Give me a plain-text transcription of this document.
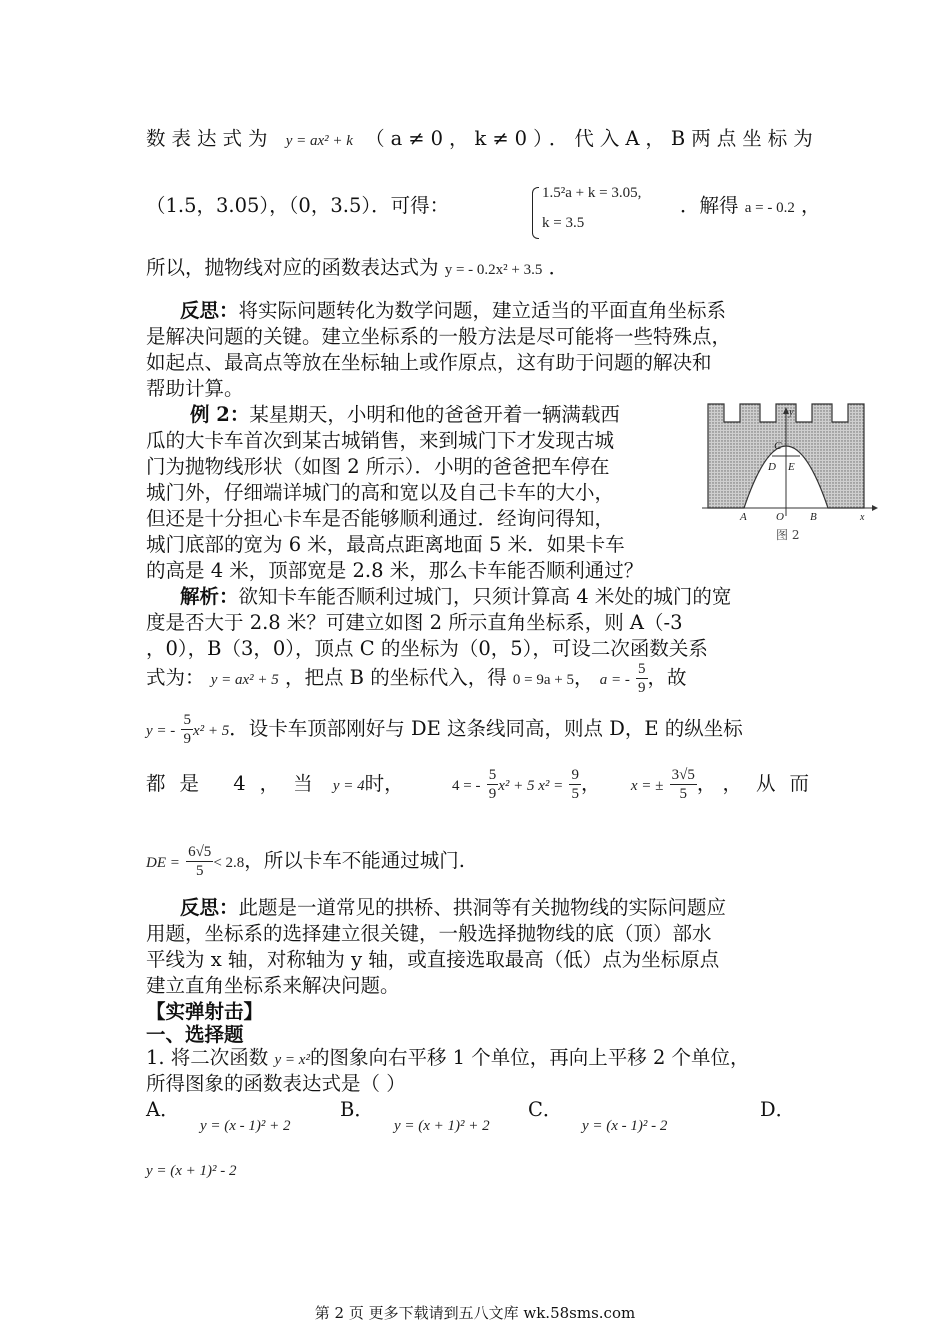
数表达式为 y = ax² + k （a≠0，k≠0）．代入A，B两点坐标为
（1.5，3.05），（0，3.5）．可得：
1.5²a + k = 3.05,
k = 3.5
．解得 a = - 0.2 ，
所以，抛物线对应的函数表达式为 y = - 0.2x² + 3.5 ．
反思：将实际问题转化为数学问题，建立适当的平面直角坐标系
是解决问题的关键。建立坐标系的一般方法是尽可能将一些特殊点，
如起点、最高点等放在坐标轴上或作原点，这有助于问题的解决和
帮助计算。
例 2：某星期天，小明和他的爸爸开着一辆满载西
瓜的大卡车首次到某古城销售，来到城门下才发现古城
门为抛物线形状（如图 2 所示）．小明的爸爸把车停在
城门外，仔细端详城门的高和宽以及自己卡车的大小，
但还是十分担心卡车是否能够顺利通过．经询问得知，
城门底部的宽为 6 米，最高点距离地面 5 米．如果卡车
的高是 4 米，顶部宽是 2.8 米，那么卡车能否顺利通过？
C
y
D E
A	O B	x
图 2
解析：欲知卡车能否顺利过城门，只须计算高 4 米处的城门的宽
度是否大于 2.8 米？可建立如图 2 所示直角坐标系，则 A（-3
，0），B（3，0），顶点 C 的坐标为（0，5），可设二次函数关系
式为： y = ax² + 5 ，把点 B 的坐标代入，得 0 = 9a + 5， a = - $\frac{5}{9}$ ，故
y = - $\frac{5}{9} x^2 + 5$．设卡车顶部刚好与 DE 这条线同高，则点 D，E 的纵坐标
都是 4，当 y = 4时，	4 = - $\frac{5}{9} x^2 + 5$ $x^2 = \frac{9}{5}$ ， x = ± $\frac{3√5}{5}$ ， ，从而
DE = $\frac{6√5}{5} < 2.8$，所以卡车不能通过城门.
反思：此题是一道常见的拱桥、拱洞等有关抛物线的实际问题应
用题，坐标系的选择建立很关键，一般选择抛物线的底（顶）部水
平线为 x 轴，对称轴为 y 轴，或直接选取最高（低）点为坐标原点
建立直角坐标系来解决问题。
【实弹射击】
一、选择题
1. 将二次函数 y = x²的图象向右平移 1 个单位，再向上平移 2 个单位，
所得图象的函数表达式是（ ）
A．
y = (x - 1)² + 2
B．
y = (x + 1)² + 2
C．
y = (x - 1)² - 2
D．
y = (x + 1)² - 2
第 2 页 更多下载请到五八文库 wk.58sms.com
